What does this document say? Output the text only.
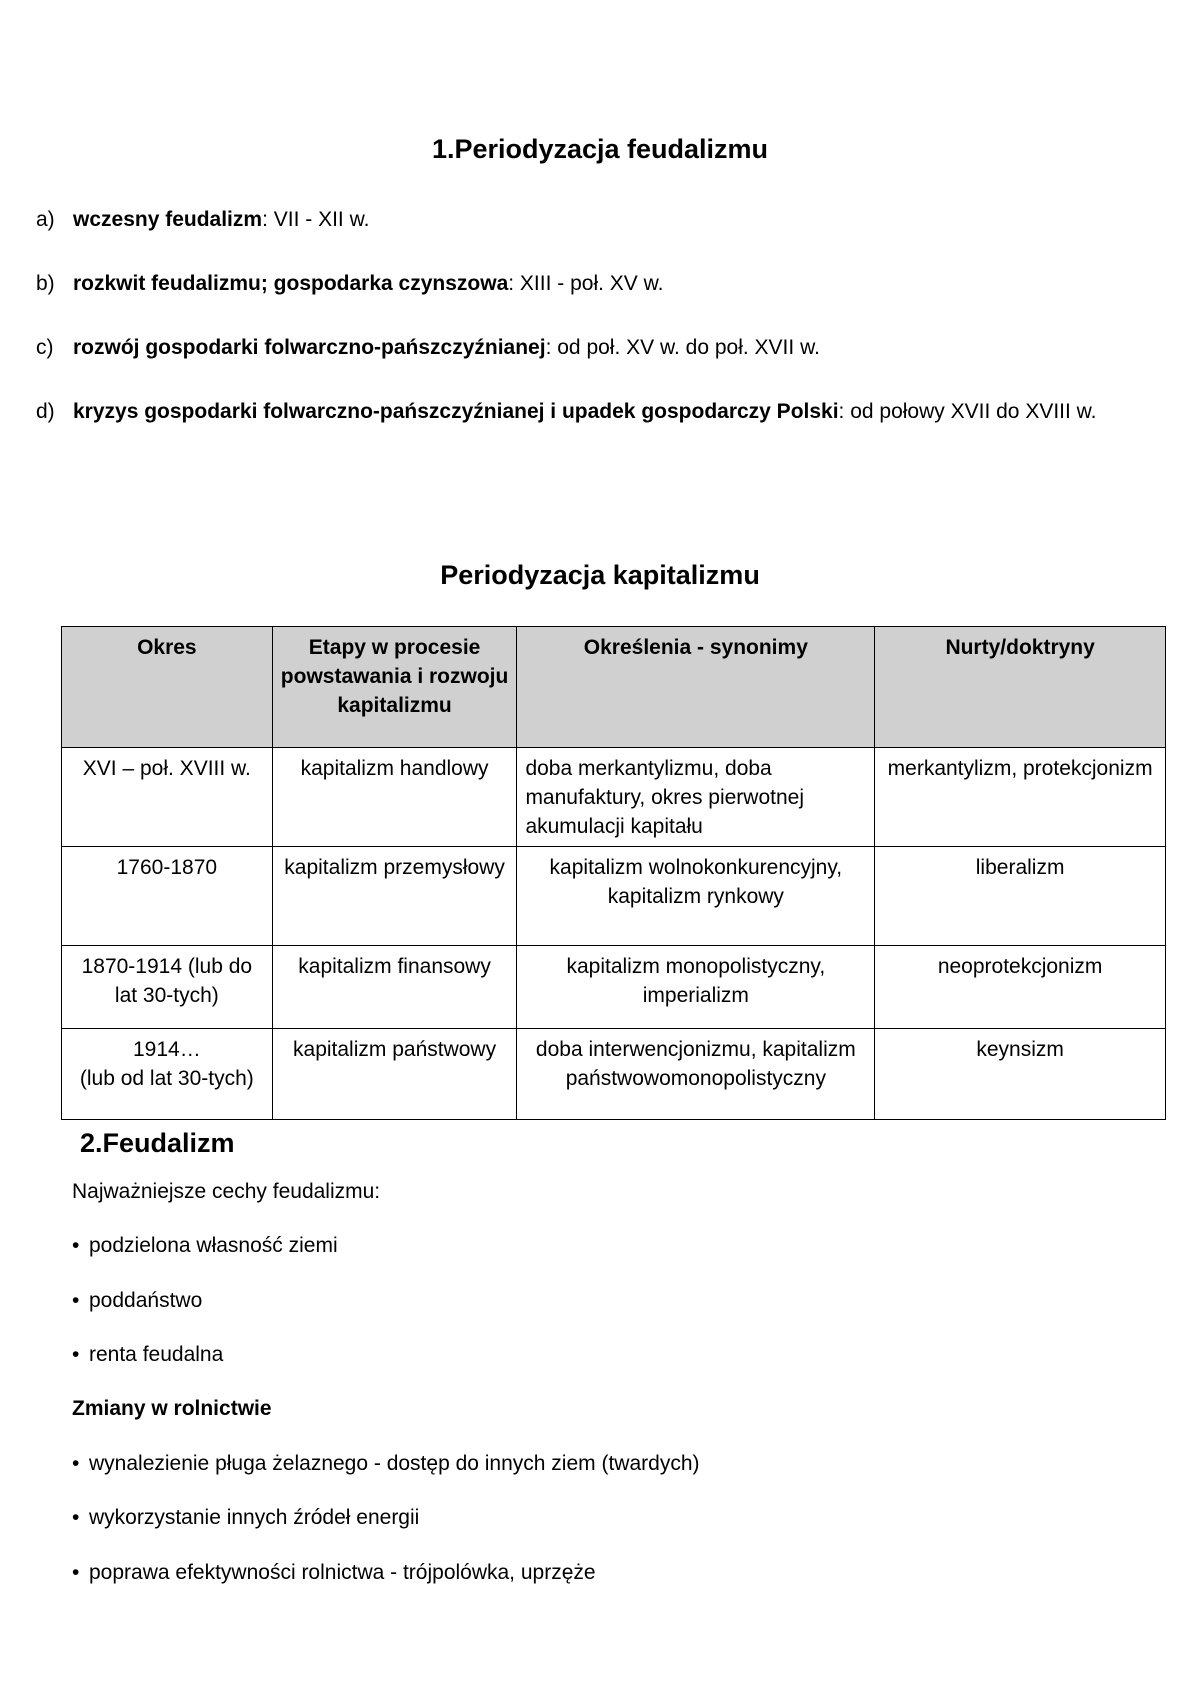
1.Periodyzacja feudalizmu
a) wczesny feudalizm: VII - XII w.
b) rozkwit feudalizmu; gospodarka czynszowa: XIII - poł. XV w.
c) rozwój gospodarki folwarczno-pańszczyźnianej: od poł. XV w. do poł. XVII w.
d) kryzys gospodarki folwarczno-pańszczyźnianej i upadek gospodarczy Polski: od połowy XVII do XVIII w.
Periodyzacja kapitalizmu
Okres	Etapy w procesie powstawania i rozwoju kapitalizmu	Określenia - synonimy	Nurty/doktryny
XVI – poł. XVIII w.	kapitalizm handlowy	doba merkantylizmu, doba manufaktury, okres pierwotnej akumulacji kapitału	merkantylizm, protekcjonizm
1760-1870	kapitalizm przemysłowy	kapitalizm wolnokonkurencyjny, kapitalizm rynkowy	liberalizm
1870-1914 (lub do lat 30-tych)	kapitalizm finansowy	kapitalizm monopolistyczny, imperializm	neoprotekcjonizm
1914…
(lub od lat 30-tych)	kapitalizm państwowy	doba interwencjonizmu, kapitalizm państwowomonopolistyczny	keynsizm
2.Feudalizm
Najważniejsze cechy feudalizmu:
• podzielona własność ziemi
• poddaństwo
• renta feudalna
Zmiany w rolnictwie
• wynalezienie pługa żelaznego - dostęp do innych ziem (twardych)
• wykorzystanie innych źródeł energii
• poprawa efektywności rolnictwa - trójpolówka, uprzęże
